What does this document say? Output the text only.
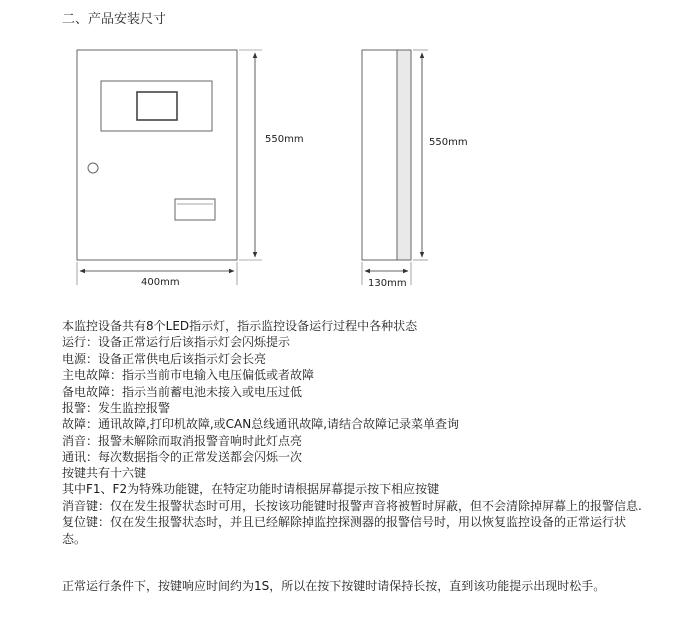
二、产品安装尺寸
550mm
400mm
550mm
130mm

本监控设备共有8个LED指示灯，指示监控设备运行过程中各种状态

运行：设备正常运行后该指示灯会闪烁提示

电源：设备正常供电后该指示灯会长亮

主电故障：指示当前市电输入电压偏低或者故障

备电故障：指示当前蓄电池未接入或电压过低

报警：发生监控报警

故障：通讯故障,打印机故障,或CAN总线通讯故障,请结合故障记录菜单查询

消音：报警未解除而取消报警音响时此灯点亮

通讯：每次数据指令的正常发送都会闪烁一次

按键共有十六键

其中F1、F2为特殊功能键，在特定功能时请根据屏幕提示按下相应按键

消音键：仅在发生报警状态时可用，长按该功能键时报警声音将被暂时屏蔽，但不会清除掉屏幕上的报警信息.

复位键：仅在发生报警状态时，并且已经解除掉监控探测器的报警信号时，用以恢复监控设备的正常运行状态。

正常运行条件下，按键响应时间约为1S，所以在按下按键时请保持长按，直到该功能提示出现时松手。
